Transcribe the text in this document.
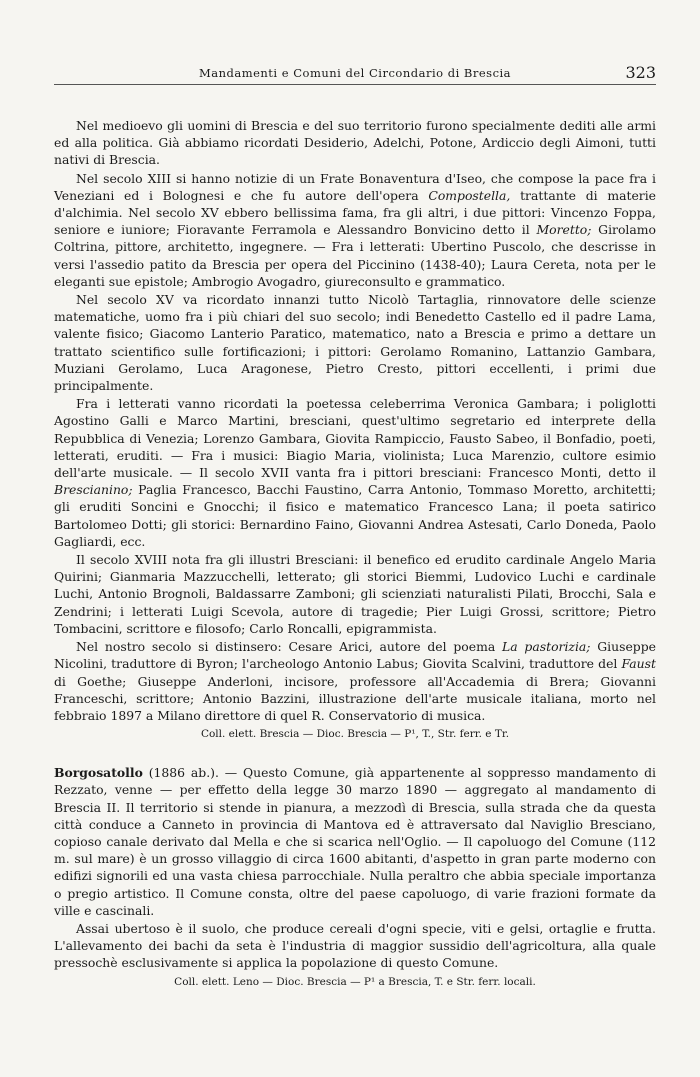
Mandamenti e Comuni del Circondario di Brescia	323

Nel medioevo gli uomini di Brescia e del suo territorio furono specialmente dediti alle armi ed alla politica. Già abbiamo ricordati Desiderio, Adelchi, Potone, Ardiccio degli Aimoni, tutti nativi di Brescia.

Nel secolo XIII si hanno notizie di un Frate Bonaventura d'Iseo, che compose la pace fra i Veneziani ed i Bolognesi e che fu autore dell'opera Compostella, trattante di materie d'alchimia. Nel secolo XV ebbero bellissima fama, fra gli altri, i due pittori: Vincenzo Foppa, seniore e iuniore; Fioravante Ferramola e Alessandro Bonvicino detto il Moretto; Girolamo Coltrina, pittore, architetto, ingegnere. — Fra i letterati: Ubertino Puscolo, che descrisse in versi l'assedio patito da Brescia per opera del Piccinino (1438-40); Laura Cereta, nota per le eleganti sue epistole; Ambrogio Avogadro, giureconsulto e grammatico.

Nel secolo XV va ricordato innanzi tutto Nicolò Tartaglia, rinnovatore delle scienze matematiche, uomo fra i più chiari del suo secolo; indi Benedetto Castello ed il padre Lama, valente fisico; Giacomo Lanterio Paratico, matematico, nato a Brescia e primo a dettare un trattato scientifico sulle fortificazioni; i pittori: Gerolamo Romanino, Lattanzio Gambara, Muziani Gerolamo, Luca Aragonese, Pietro Cresto, pittori eccellenti, i primi due principalmente.

Fra i letterati vanno ricordati la poetessa celeberrima Veronica Gambara; i poliglotti Agostino Galli e Marco Martini, bresciani, quest'ultimo segretario ed interprete della Repubblica di Venezia; Lorenzo Gambara, Giovita Rampiccio, Fausto Sabeo, il Bonfadio, poeti, letterati, eruditi. — Fra i musici: Biagio Maria, violinista; Luca Marenzio, cultore esimio dell'arte musicale. — Il secolo XVII vanta fra i pittori bresciani: Francesco Monti, detto il Brescianino; Paglia Francesco, Bacchi Faustino, Carra Antonio, Tommaso Moretto, architetti; gli eruditi Soncini e Gnocchi; il fisico e matematico Francesco Lana; il poeta satirico Bartolomeo Dotti; gli storici: Bernardino Faino, Giovanni Andrea Astesati, Carlo Doneda, Paolo Gagliardi, ecc.

Il secolo XVIII nota fra gli illustri Bresciani: il benefico ed erudito cardinale Angelo Maria Quirini; Gianmaria Mazzucchelli, letterato; gli storici Biemmi, Ludovico Luchi e cardinale Luchi, Antonio Brognoli, Baldassarre Zamboni; gli scienziati naturalisti Pilati, Brocchi, Sala e Zendrini; i letterati Luigi Scevola, autore di tragedie; Pier Luigi Grossi, scrittore; Pietro Tombacini, scrittore e filosofo; Carlo Roncalli, epigrammista.

Nel nostro secolo si distinsero: Cesare Arici, autore del poema La pastorizia; Giuseppe Nicolini, traduttore di Byron; l'archeologo Antonio Labus; Giovita Scalvini, traduttore del Faust di Goethe; Giuseppe Anderloni, incisore, professore all'Accademia di Brera; Giovanni Franceschi, scrittore; Antonio Bazzini, illustrazione dell'arte musicale italiana, morto nel febbraio 1897 a Milano direttore di quel R. Conservatorio di musica.

Coll. elett. Brescia — Dioc. Brescia — P¹, T., Str. ferr. e Tr.

Borgosatollo (1886 ab.). — Questo Comune, già appartenente al soppresso mandamento di Rezzato, venne — per effetto della legge 30 marzo 1890 — aggregato al mandamento di Brescia II. Il territorio si stende in pianura, a mezzodì di Brescia, sulla strada che da questa città conduce a Canneto in provincia di Mantova ed è attraversato dal Naviglio Bresciano, copioso canale derivato dal Mella e che si scarica nell'Oglio. — Il capoluogo del Comune (112 m. sul mare) è un grosso villaggio di circa 1600 abitanti, d'aspetto in gran parte moderno con edifizi signorili ed una vasta chiesa parrocchiale. Nulla peraltro che abbia speciale importanza o pregio artistico. Il Comune consta, oltre del paese capoluogo, di varie frazioni formate da ville e cascinali.

Assai ubertoso è il suolo, che produce cereali d'ogni specie, viti e gelsi, ortaglie e frutta. L'allevamento dei bachi da seta è l'industria di maggior sussidio dell'agricoltura, alla quale pressochè esclusivamente si applica la popolazione di questo Comune.

Coll. elett. Leno — Dioc. Brescia — P¹ a Brescia, T. e Str. ferr. locali.
